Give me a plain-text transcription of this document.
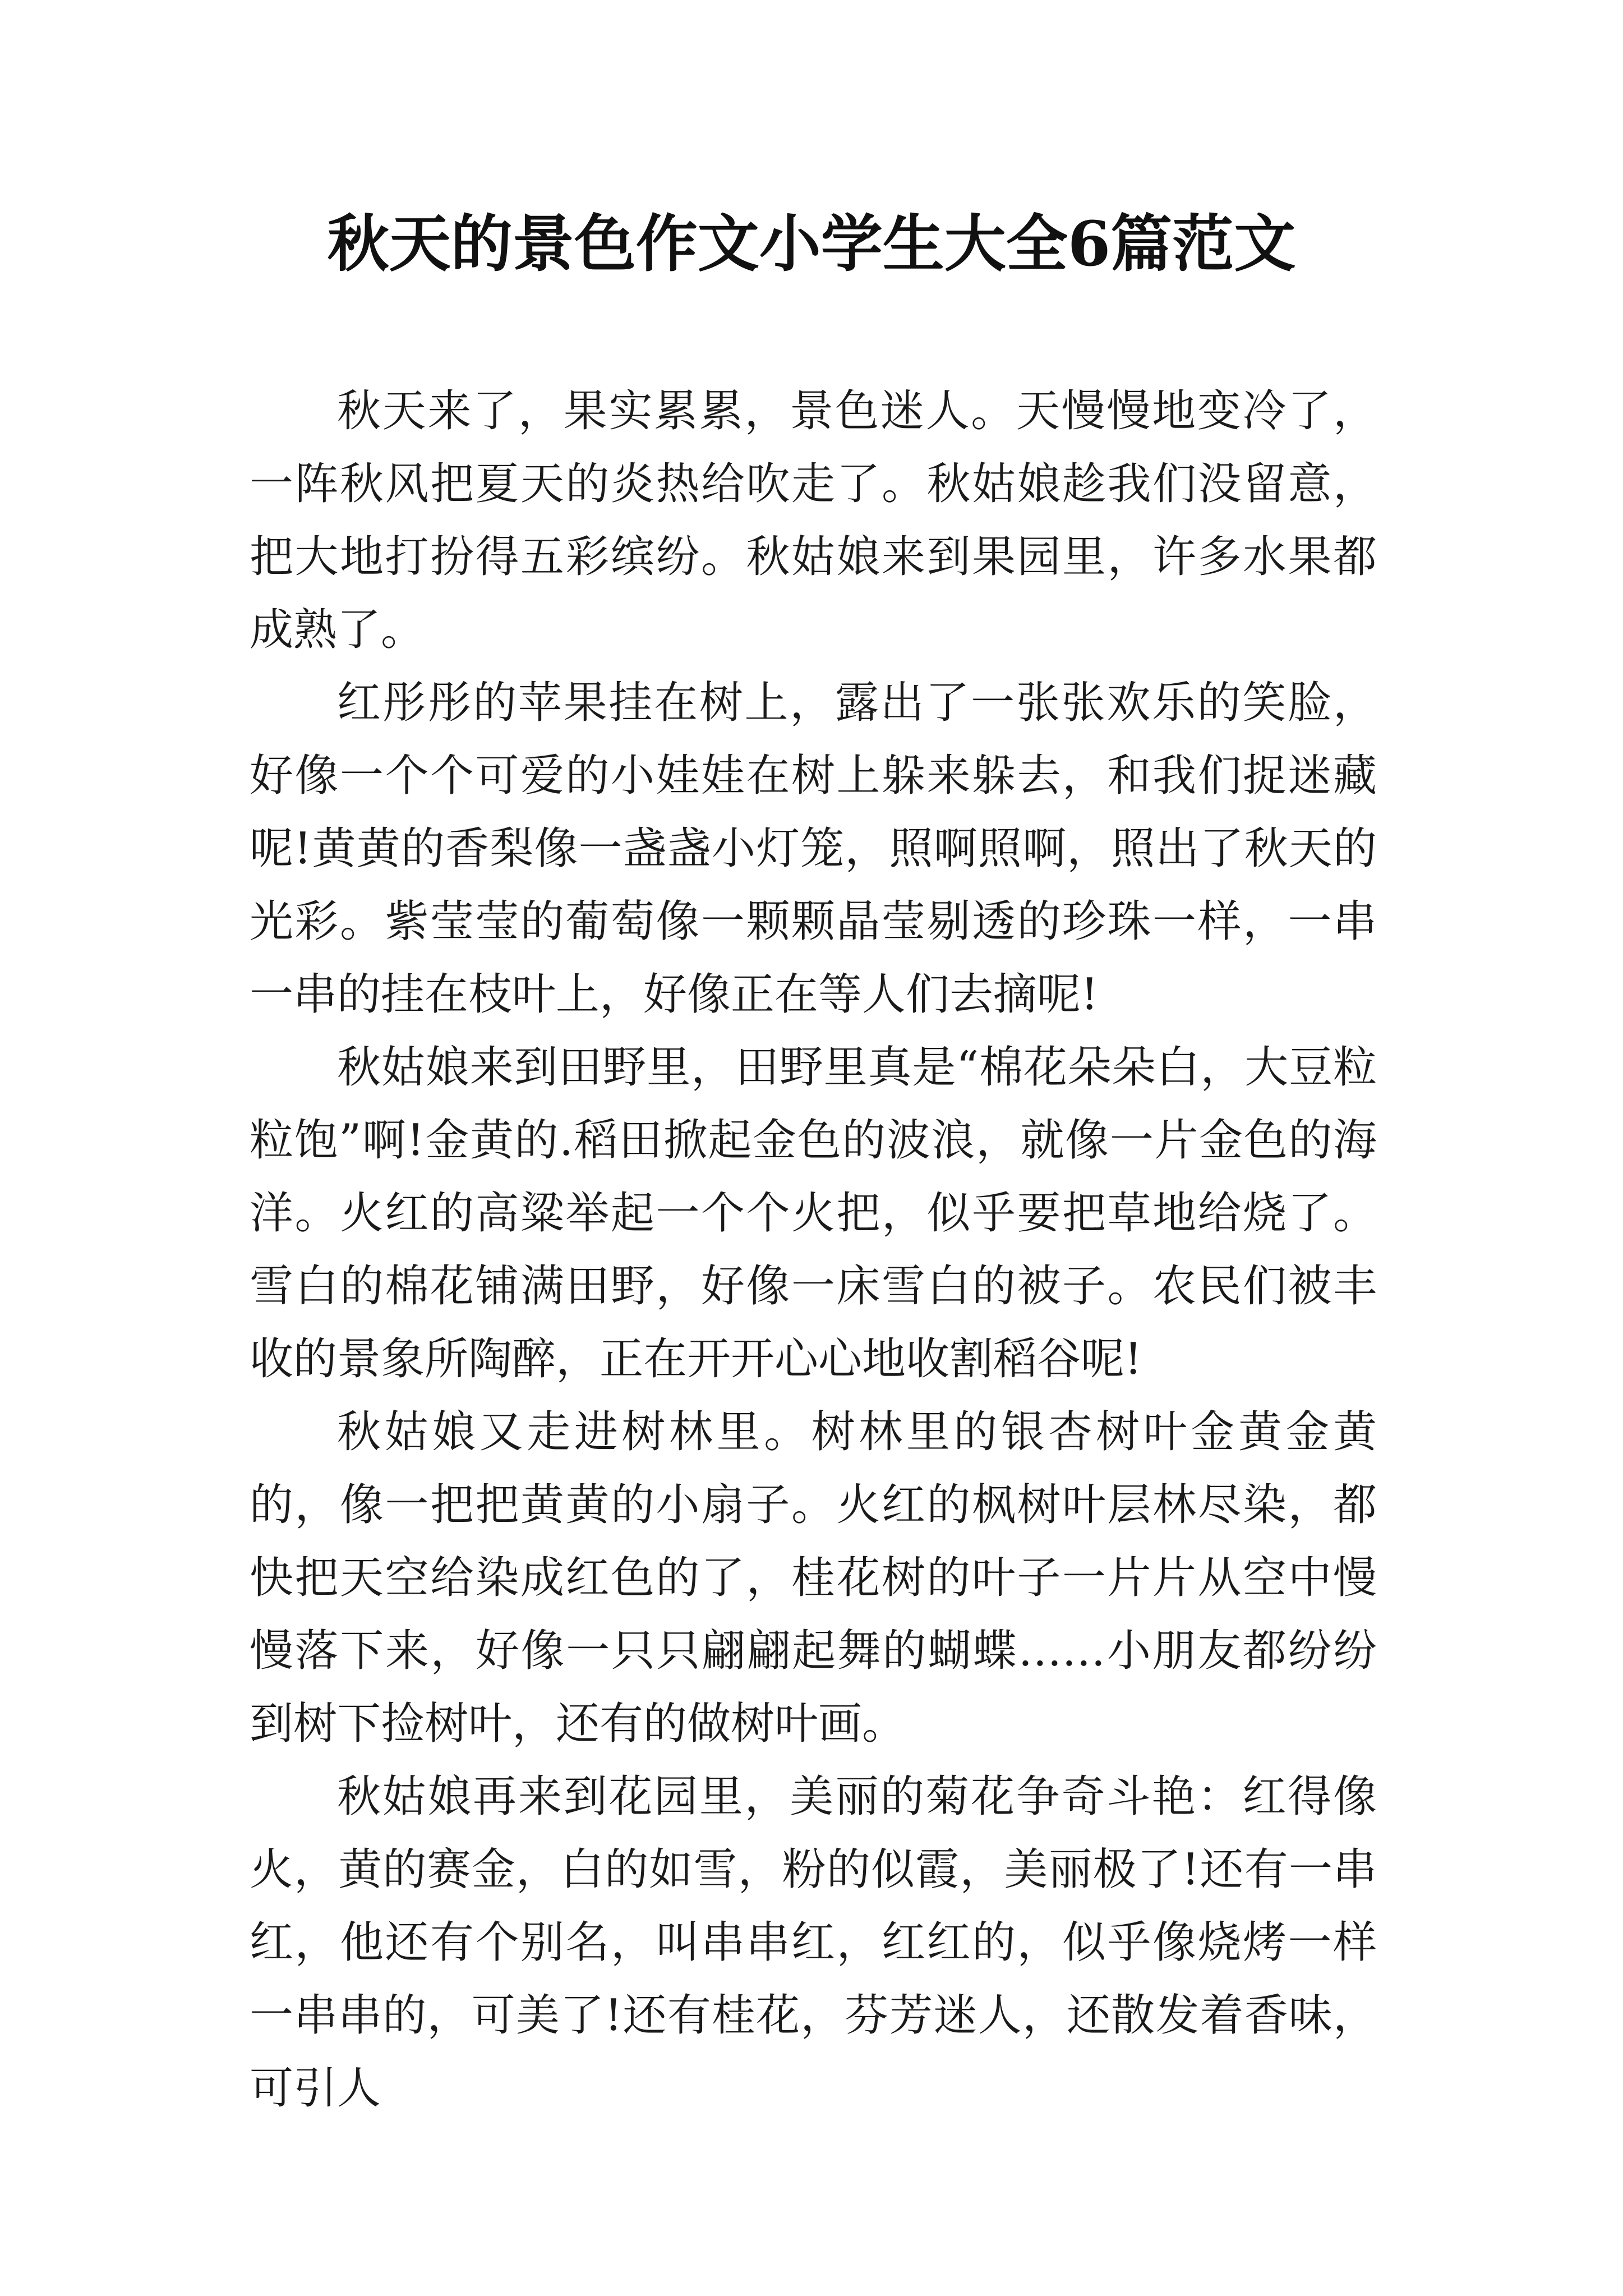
秋天的景色作文小学生大全6篇范文

秋天来了，果实累累，景色迷人。天慢慢地变冷了，一阵秋风把夏天的炎热给吹走了。秋姑娘趁我们没留意，把大地打扮得五彩缤纷。秋姑娘来到果园里，许多水果都成熟了。

红彤彤的苹果挂在树上，露出了一张张欢乐的笑脸，好像一个个可爱的小娃娃在树上躲来躲去，和我们捉迷藏呢!黄黄的香梨像一盏盏小灯笼，照啊照啊，照出了秋天的光彩。紫莹莹的葡萄像一颗颗晶莹剔透的珍珠一样，一串一串的挂在枝叶上，好像正在等人们去摘呢!

秋姑娘来到田野里，田野里真是“棉花朵朵白，大豆粒粒饱”啊!金黄的.稻田掀起金色的波浪，就像一片金色的海洋。火红的高粱举起一个个火把，似乎要把草地给烧了。雪白的棉花铺满田野，好像一床雪白的被子。农民们被丰收的景象所陶醉，正在开开心心地收割稻谷呢!

秋姑娘又走进树林里。树林里的银杏树叶金黄金黄的，像一把把黄黄的小扇子。火红的枫树叶层林尽染，都快把天空给染成红色的了，桂花树的叶子一片片从空中慢慢落下来，好像一只只翩翩起舞的蝴蝶……小朋友都纷纷到树下捡树叶，还有的做树叶画。

秋姑娘再来到花园里，美丽的菊花争奇斗艳：红得像火，黄的赛金，白的如雪，粉的似霞，美丽极了!还有一串红，他还有个别名，叫串串红，红红的，似乎像烧烤一样一串串的，可美了!还有桂花，芬芳迷人，还散发着香味，可引人
